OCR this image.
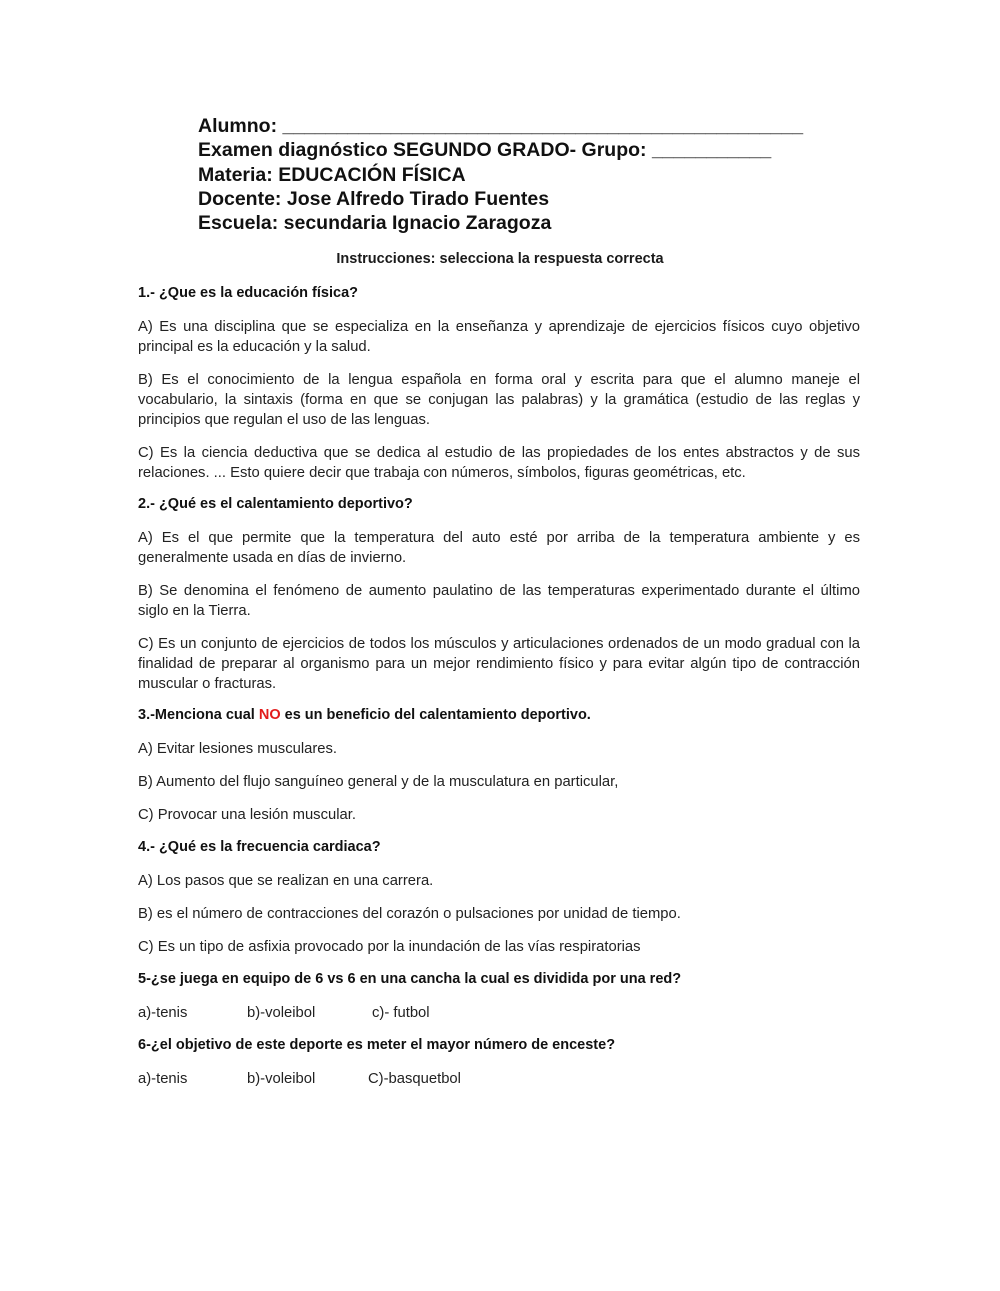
Alumno: ________________________________________________
Examen diagnóstico SEGUNDO GRADO- Grupo: ___________
Materia: EDUCACIÓN FÍSICA
Docente: Jose Alfredo Tirado Fuentes
Escuela: secundaria Ignacio Zaragoza
Instrucciones: selecciona la respuesta correcta
1.- ¿Que es la educación física?
A) Es una disciplina que se especializa en la enseñanza y aprendizaje de ejercicios físicos cuyo objetivo principal es la educación y la salud.
B) Es el conocimiento de la lengua española en forma oral y escrita para que el alumno maneje el vocabulario, la sintaxis (forma en que se conjugan las palabras) y la gramática (estudio de las reglas y principios que regulan el uso de las lenguas.
C) Es la ciencia deductiva que se dedica al estudio de las propiedades de los entes abstractos y de sus relaciones. ... Esto quiere decir que trabaja con números, símbolos, figuras geométricas, etc.
2.- ¿Qué es el calentamiento deportivo?
A) Es el que permite que la temperatura del auto esté por arriba de la temperatura ambiente y es generalmente usada en días de invierno.
B) Se denomina el fenómeno de aumento paulatino de las temperaturas experimentado durante el último siglo en la Tierra.
C) Es un conjunto de ejercicios de todos los músculos y articulaciones ordenados de un modo gradual con la finalidad de preparar al organismo para un mejor rendimiento físico y para evitar algún tipo de contracción muscular o fracturas.
3.-Menciona cual NO es un beneficio del calentamiento deportivo.
A) Evitar lesiones musculares.
B) Aumento del flujo sanguíneo general y de la musculatura en particular,
C) Provocar una lesión muscular.
4.- ¿Qué es la frecuencia cardiaca?
A) Los pasos que se realizan en una carrera.
B) es el número de contracciones del corazón o pulsaciones por unidad de tiempo.
C) Es un tipo de asfixia provocado por la inundación de las vías respiratorias
5-¿se juega en equipo de 6 vs 6 en una cancha la cual es dividida por una red?
a)-tenis	b)-voleibol	c)- futbol
6-¿el objetivo de este deporte es meter el mayor número de enceste?
a)-tenis	b)-voleibol	C)-basquetbol
